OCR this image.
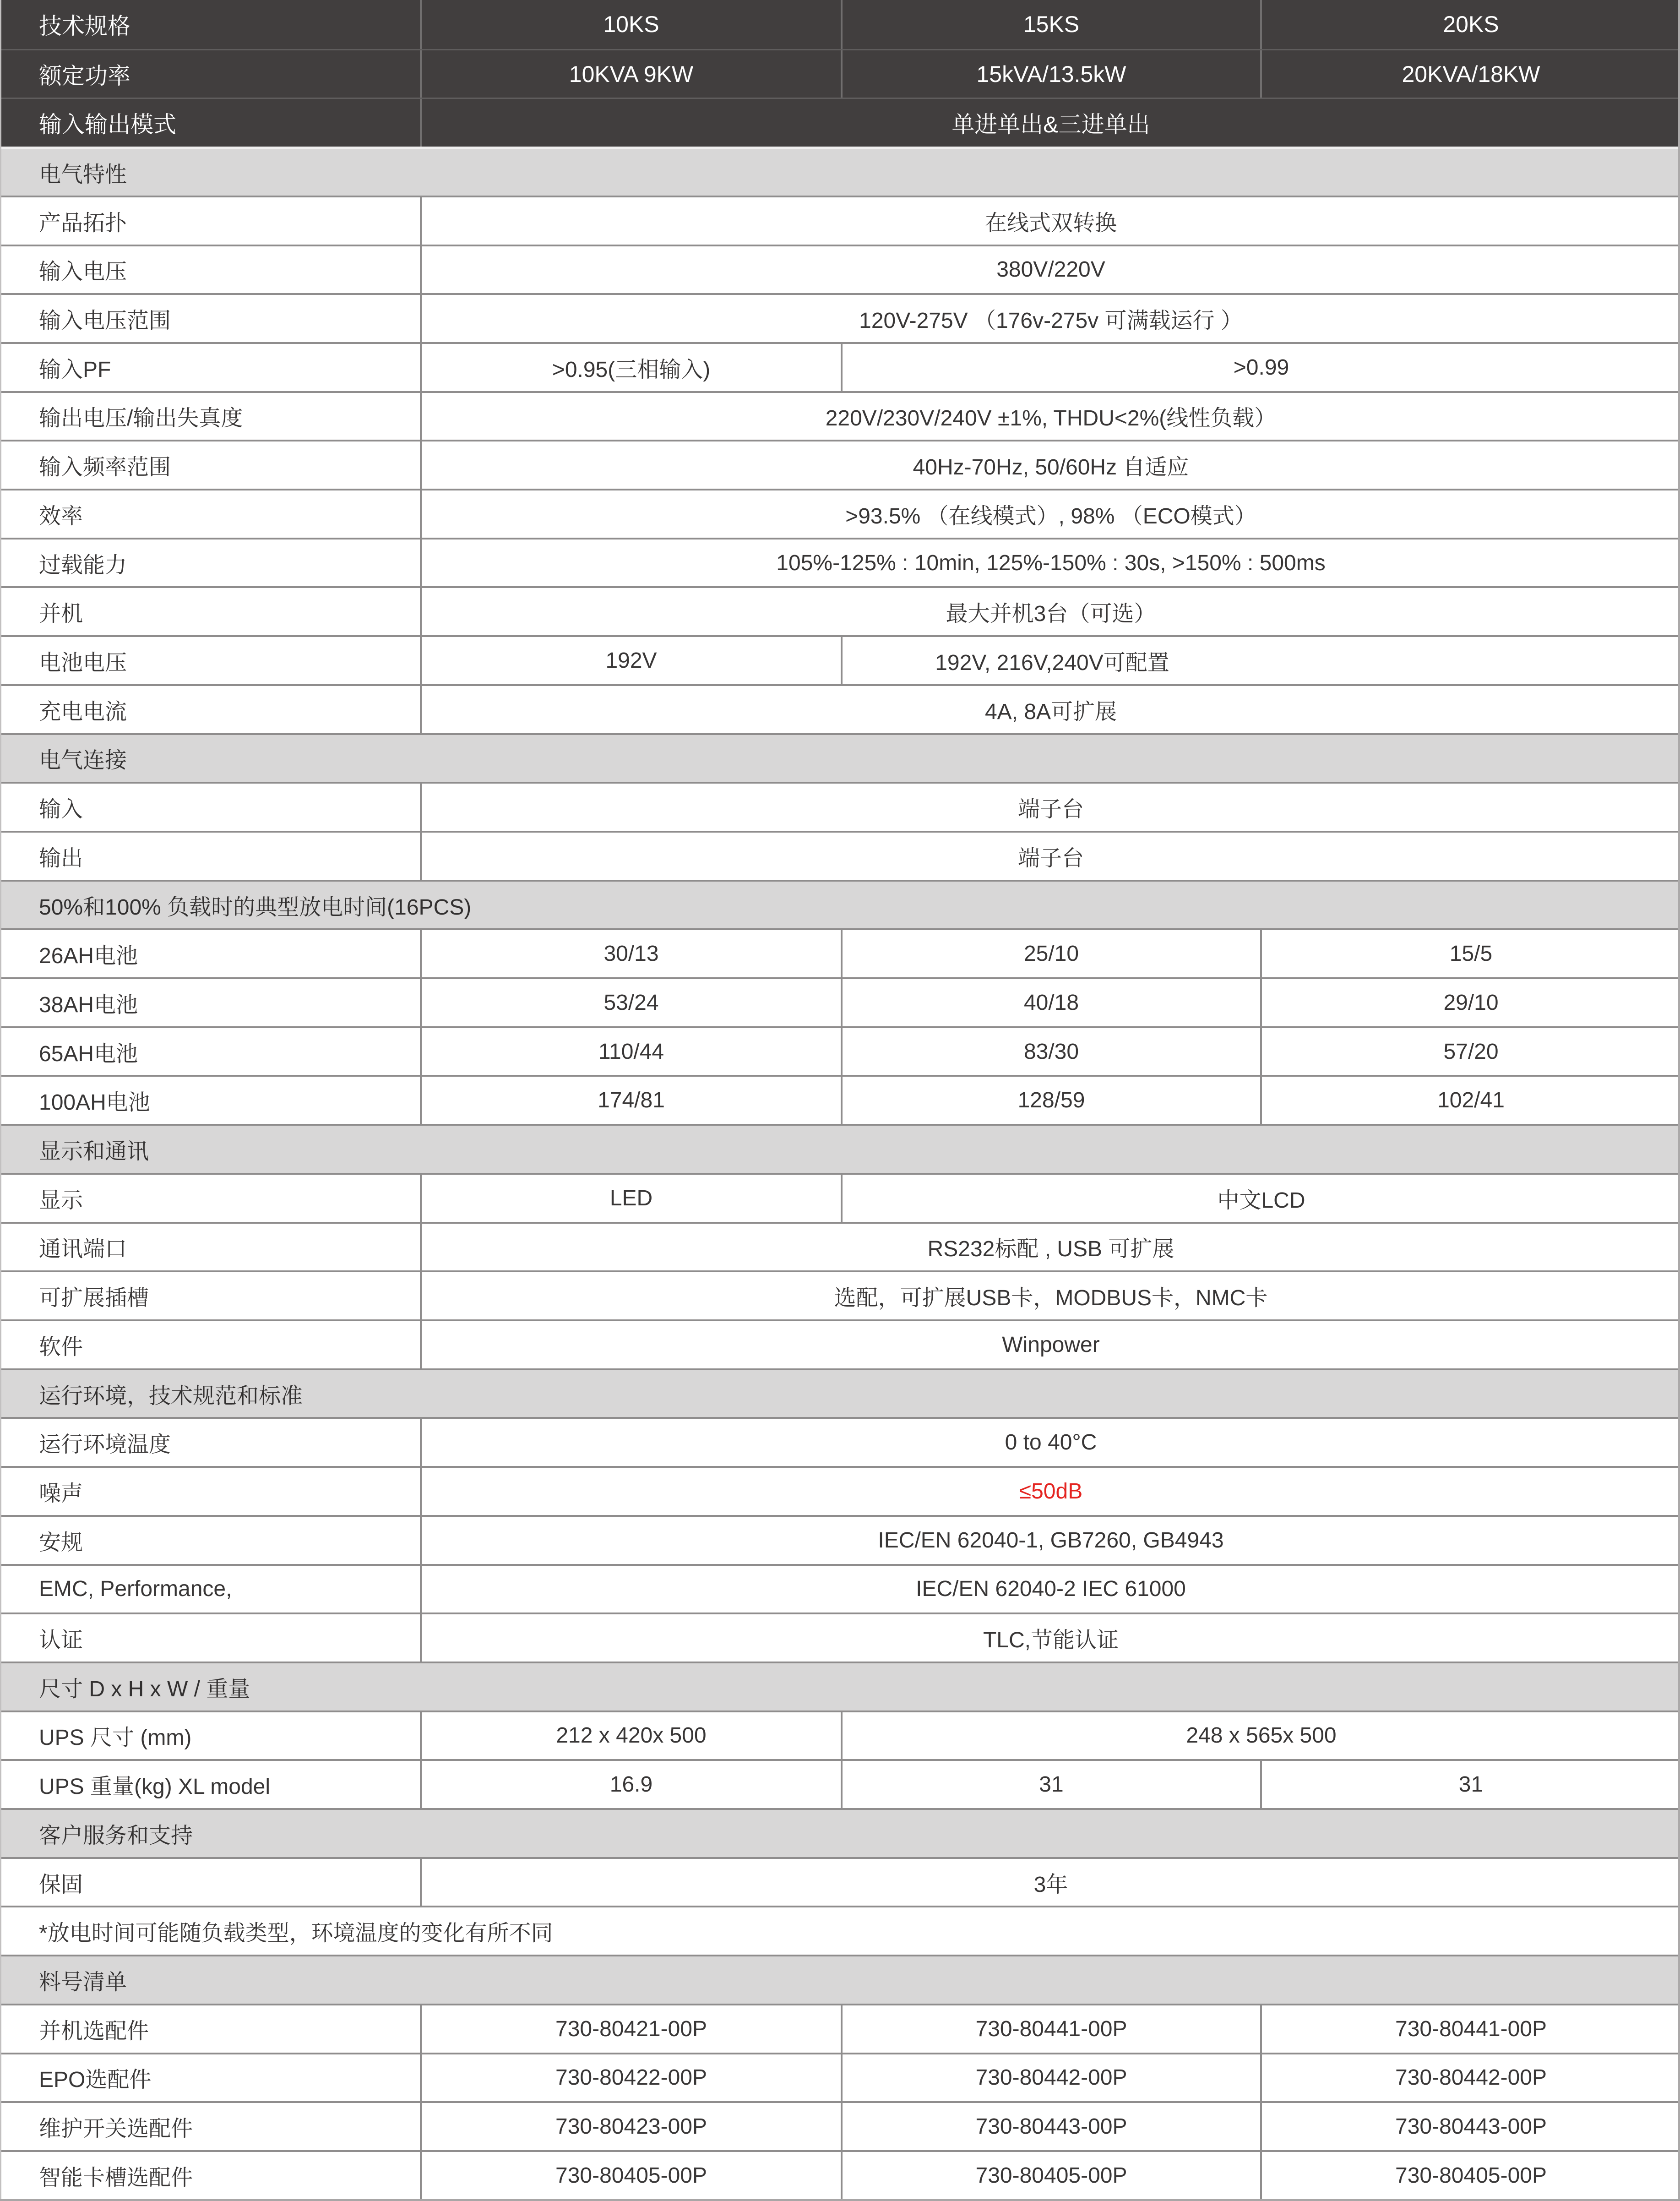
技术规格	10KS	15KS	20KS
额定功率	10KVA 9KW	15kVA/13.5kW	20KVA/18KW
输入输出模式	单进单出&三进单出
电气特性
产品拓扑	在线式双转换
输入电压	380V/220V
输入电压范围	120V-275V （176v-275v 可满载运行 ）
输入PF	>0.95(三相输入)	>0.99
输出电压/输出失真度	220V/230V/240V ±1%, THDU<2%(线性负载）
输入频率范围	40Hz-70Hz, 50/60Hz 自适应
效率	>93.5% （在线模式）, 98% （ECO模式）
过载能力	105%-125% : 10min, 125%-150% : 30s, >150% : 500ms
并机	最大并机3台（可选）
电池电压	192V	192V, 216V,240V可配置
充电电流	4A, 8A可扩展
电气连接
输入	端子台
输出	端子台
50%和100% 负载时的典型放电时间(16PCS)
26AH电池	30/13	25/10	15/5
38AH电池	53/24	40/18	29/10
65AH电池	110/44	83/30	57/20
100AH电池	174/81	128/59	102/41
显示和通讯
显示	LED	中文LCD
通讯端口	RS232标配 , USB 可扩展
可扩展插槽	选配，可扩展USB卡，MODBUS卡，NMC卡
软件	Winpower
运行环境，技术规范和标准
运行环境温度	0 to 40°C
噪声	≤50dB
安规	IEC/EN 62040-1, GB7260, GB4943
EMC, Performance,	IEC/EN 62040-2 IEC 61000
认证	TLC,节能认证
尺寸 D x H x W / 重量
UPS 尺寸 (mm)	212 x 420x 500	248 x 565x 500
UPS 重量(kg) XL model	16.9	31	31
客户服务和支持
保固	3年
*放电时间可能随负载类型，环境温度的变化有所不同
料号清单
并机选配件	730-80421-00P	730-80441-00P	730-80441-00P
EPO选配件	730-80422-00P	730-80442-00P	730-80442-00P
维护开关选配件	730-80423-00P	730-80443-00P	730-80443-00P
智能卡槽选配件	730-80405-00P	730-80405-00P	730-80405-00P
